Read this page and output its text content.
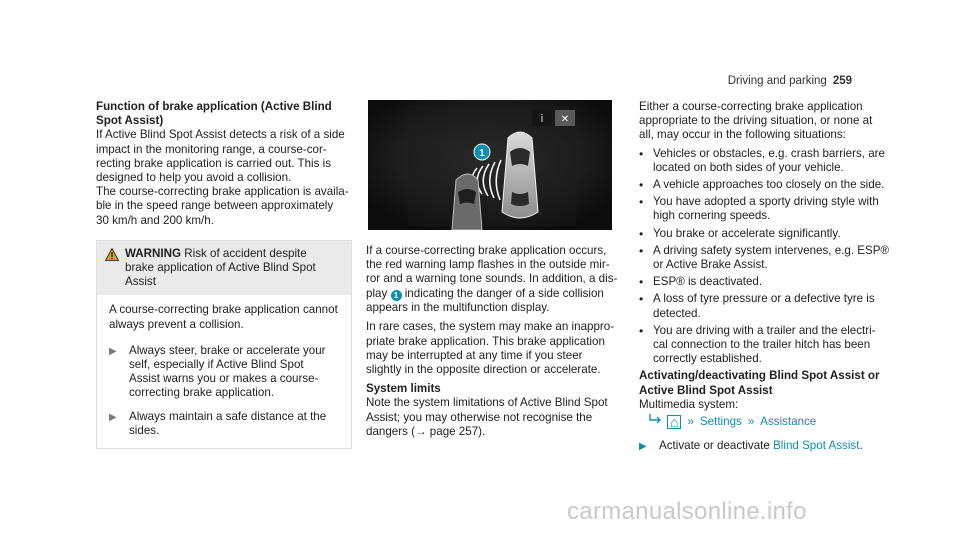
Driving and parking 259
Function of brake application (Active Blind
Spot Assist)

If Active Blind Spot Assist detects a risk of a side
impact in the monitoring range, a course-cor-
recting brake application is carried out. This is
designed to help you avoid a collision.

The course-correcting brake application is availa-
ble in the speed range between approximately
30 km/h and 200 km/h.

WARNING Risk of accident despite
brake application of Active Blind Spot
Assist

A course-correcting brake application cannot
always prevent a collision.

▶	Always steer, brake or accelerate your
self, especially if Active Blind Spot
Assist warns you or makes a course-
correcting brake application.
▶	Always maintain a safe distance at the
sides.
i ✕
1

If a course-correcting brake application occurs,
the red warning lamp flashes in the outside mir-
ror and a warning tone sounds. In addition, a dis-
play 1 indicating the danger of a side collision
appears in the multifunction display.

In rare cases, the system may make an inappro-
priate brake application. This brake application
may be interrupted at any time if you steer
slightly in the opposite direction or accelerate.

System limits

Note the system limitations of Active Blind Spot
Assist; you may otherwise not recognise the
dangers (→ page 257).

Either a course-correcting brake application
appropriate to the driving situation, or none at
all, may occur in the following situations:

• Vehicles or obstacles, e.g. crash barriers, are
located on both sides of your vehicle.
• A vehicle approaches too closely on the side.
• You have adopted a sporty driving style with
high cornering speeds.
• You brake or accelerate significantly.
• A driving safety system intervenes, e.g. ESP®
or Active Brake Assist.
• ESP® is deactivated.
• A loss of tyre pressure or a defective tyre is
detected.
• You are driving with a trailer and the electri-
cal connection to the trailer hitch has been
correctly established.
Activating/deactivating Blind Spot Assist or
Active Blind Spot Assist
Multimedia system:
⌂ » Settings » Assistance
▶	Activate or deactivate Blind Spot Assist.
carmanualsonline.info
